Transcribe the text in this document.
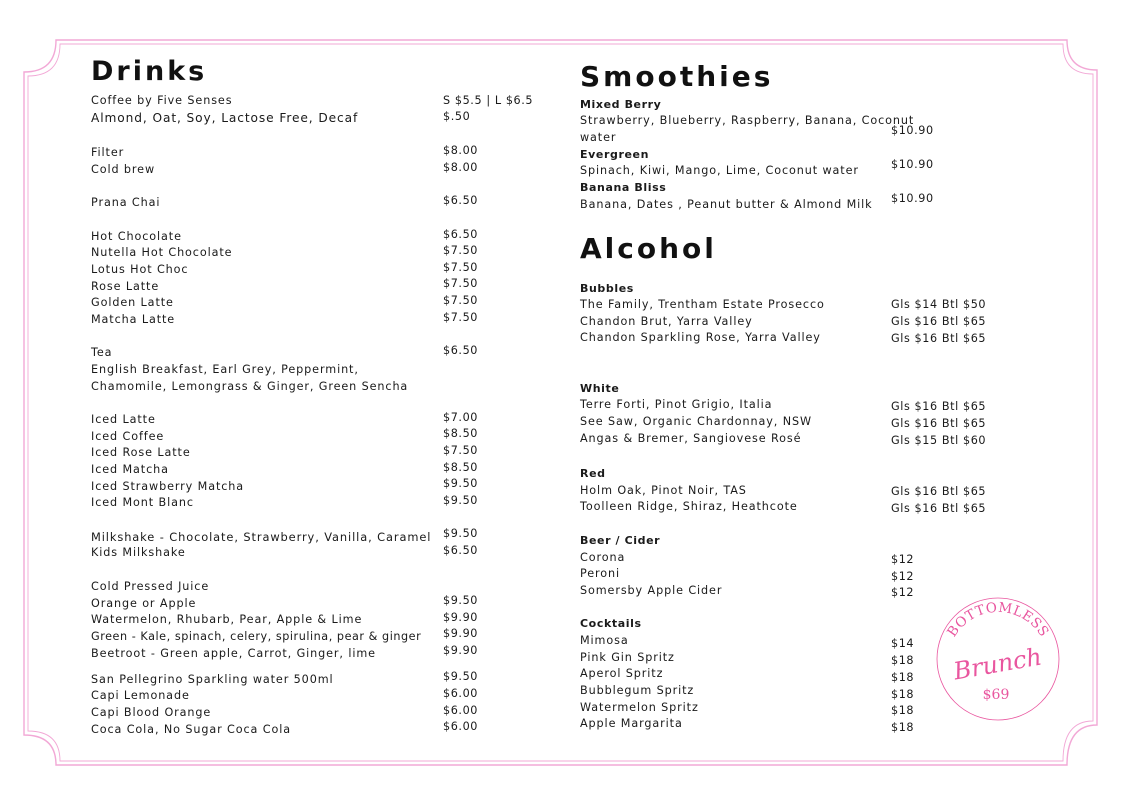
Drinks	Smoothies
Alcohol
Coffee by Five Senses	S $5.5 | L $6.5
Almond, Oat, Soy, Lactose Free, Decaf	$.50
Filter	$8.00
Cold brew	$8.00
Prana Chai	$6.50
Hot Chocolate	$6.50
Nutella Hot Chocolate	$7.50
Lotus Hot Choc	$7.50
Rose Latte	$7.50
Golden Latte	$7.50
Matcha Latte	$7.50
Tea	$6.50
English Breakfast, Earl Grey, Peppermint,
Chamomile, Lemongrass & Ginger, Green Sencha
Iced Latte	$7.00
Iced Coffee	$8.50
Iced Rose Latte	$7.50
Iced Matcha	$8.50
Iced Strawberry Matcha	$9.50
Iced Mont Blanc	$9.50
Milkshake - Chocolate, Strawberry, Vanilla, Caramel $9.50
Kids Milkshake	$6.50
Cold Pressed Juice
Orange or Apple	$9.50
Watermelon, Rhubarb, Pear, Apple & Lime	$9.90
Green - Kale, spinach, celery, spirulina, pear & ginger $9.90
Beetroot - Green apple, Carrot, Ginger, lime	$9.90
San Pellegrino Sparkling water 500ml	$9.50
Capi Lemonade	$6.00
Capi Blood Orange	$6.00
Coca Cola, No Sugar Coca Cola	$6.00
Mixed Berry
Strawberry, Blueberry, Raspberry, Banana, Coconut
water
$10.90
Evergreen
Spinach, Kiwi, Mango, Lime, Coconut water	$10.90
Banana Bliss
Banana, Dates , Peanut butter & Almond Milk $10.90
Bubbles
The Family, Trentham Estate Prosecco	Gls $14 Btl $50
Chandon Brut, Yarra Valley	Gls $16 Btl $65
Chandon Sparkling Rose, Yarra Valley	Gls $16 Btl $65
White
Terre Forti, Pinot Grigio, Italia	Gls $16 Btl $65
See Saw, Organic Chardonnay, NSW	Gls $16 Btl $65
Angas & Bremer, Sangiovese Rosé	Gls $15 Btl $60
Red
Holm Oak, Pinot Noir, TAS	Gls $16 Btl $65
Toolleen Ridge, Shiraz, Heathcote	Gls $16 Btl $65
Beer / Cider
Corona	$12
Peroni	$12
Somersby Apple Cider	$12
Cocktails
Mimosa	$14
Pink Gin Spritz	$18
Aperol Spritz	$18
Bubblegum Spritz	$18
Watermelon Spritz	$18
Apple Margarita	$18
BOTTOMLESS
Brunch
$69
